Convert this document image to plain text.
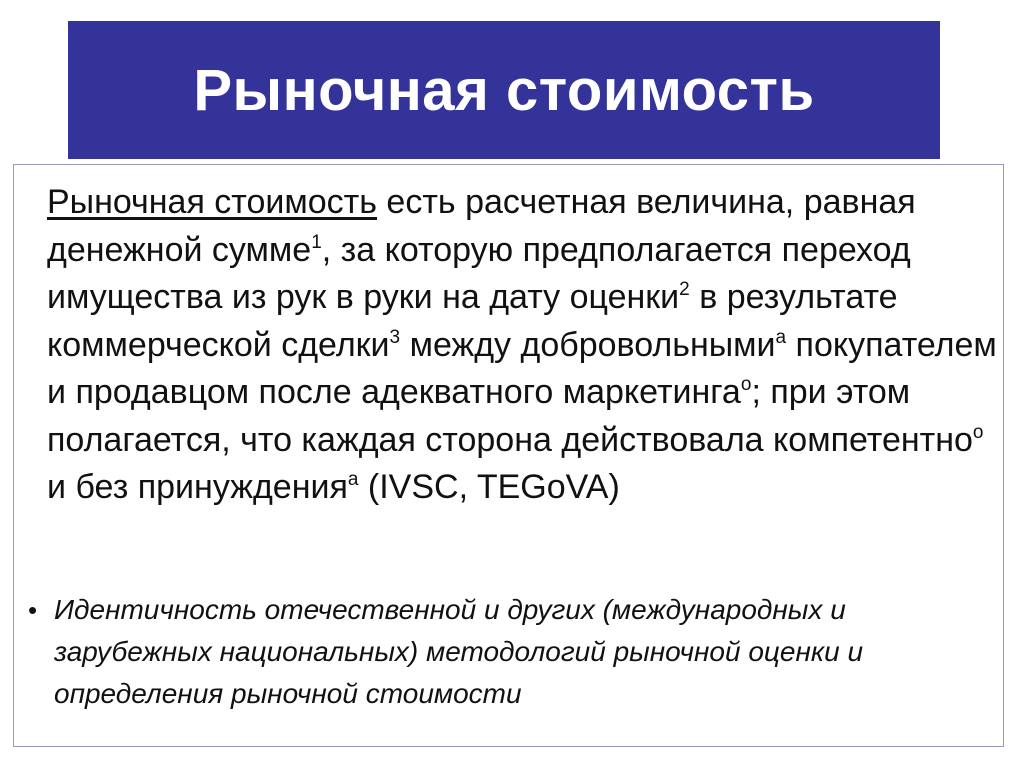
Рыночная стоимость

Рыночная стоимость есть расчетная величина, равная денежной сумме$^1$, за которую предполагается переход имущества из рук в руки на дату оценки$^2$ в результате коммерческой сделки$^3$ между добровольными$^a$ покупателем и продавцом после адекватного маркетинга$^o$; при этом полагается, что каждая сторона действовала компетентно$^o$ и без принуждения$^a$ (IVSC, TEGoVA)

• Идентичность отечественной и других (международных и зарубежных национальных) методологий рыночной оценки и определения рыночной стоимости
